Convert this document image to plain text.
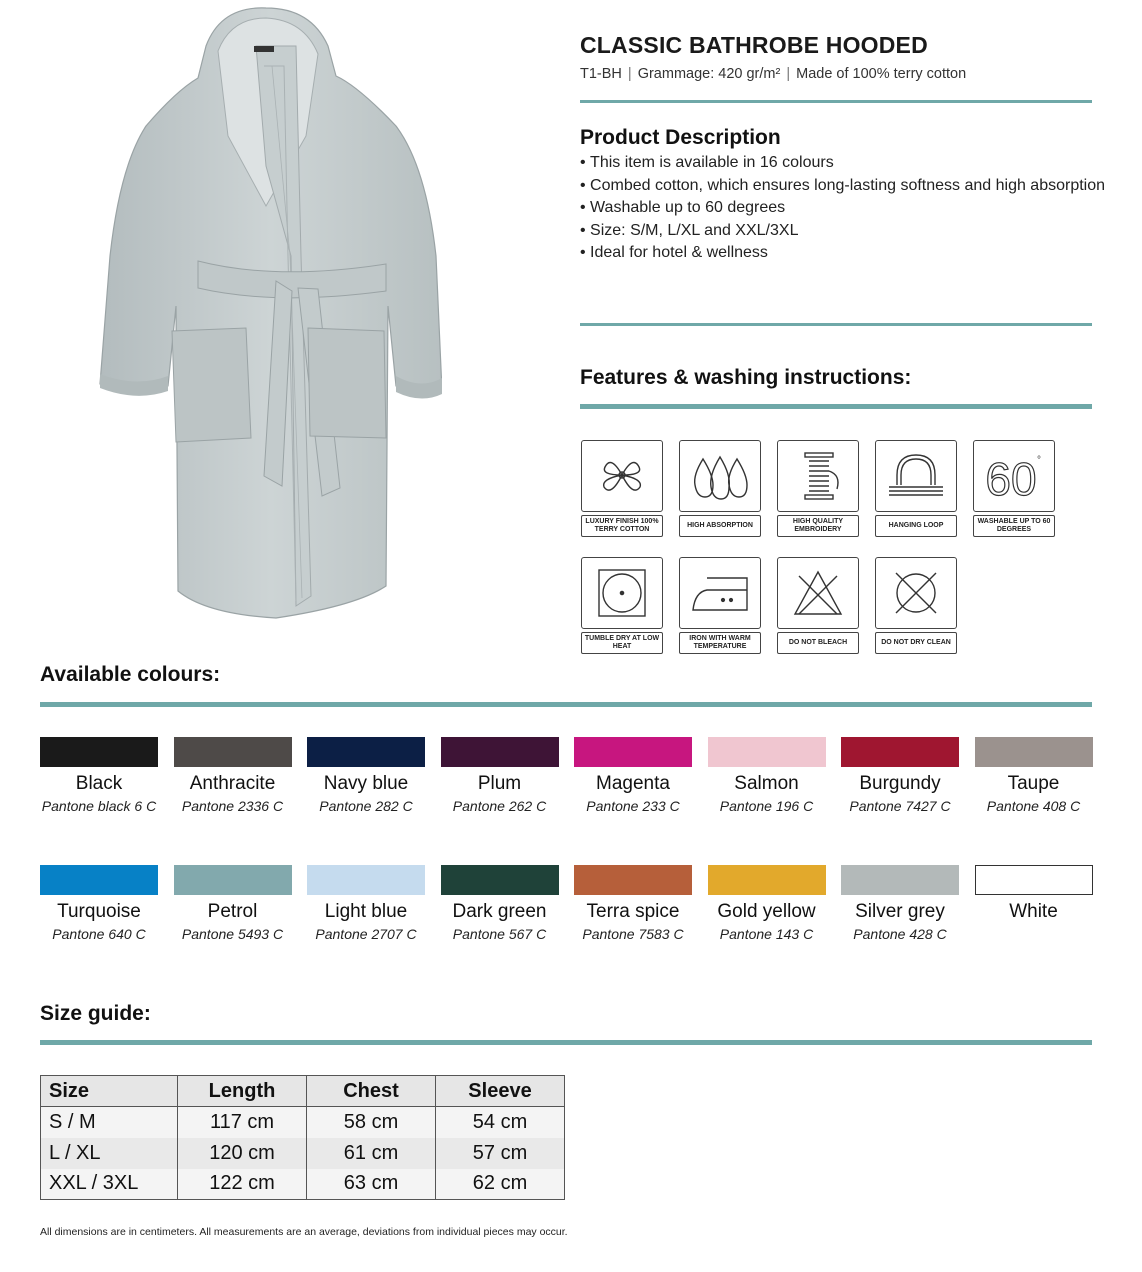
CLASSIC BATHROBE HOODED
T1-BH | Grammage: 420 gr/m² | Made of 100% terry cotton
Product Description
• This item is available in 16 colours
• Combed cotton, which ensures long-lasting softness and high absorption
• Washable up to 60 degrees
• Size: S/M, L/XL and XXL/3XL
• Ideal for hotel & wellness
Features & washing instructions:
LUXURY FINISH 100% TERRY COTTON
HIGH ABSORPTION
HIGH QUALITY EMBROIDERY
HANGING LOOP
60 °
WASHABLE UP TO 60 DEGREES
TUMBLE DRY AT LOW HEAT
IRON WITH WARM TEMPERATURE
DO NOT BLEACH	DO NOT DRY CLEAN
Available colours:
Black
Pantone black 6 C
Anthracite
Pantone 2336 C
Navy blue
Pantone 282 C
Plum
Pantone 262 C
Magenta
Pantone 233 C
Salmon
Pantone 196 C
Burgundy
Pantone 7427 C
Taupe
Pantone 408 C
Turquoise
Pantone 640 C
Petrol
Pantone 5493 C
Light blue
Pantone 2707 C
Dark green
Pantone 567 C
Terra spice
Pantone 7583 C
Gold yellow
Pantone 143 C
Silver grey
Pantone 428 C
White
Size guide:
Size	Length	Chest	Sleeve
S / M	117 cm	58 cm	54 cm
L / XL	120 cm	61 cm	57 cm
XXL / 3XL	122 cm	63 cm	62 cm
All dimensions are in centimeters. All measurements are an average, deviations from individual pieces may occur.
